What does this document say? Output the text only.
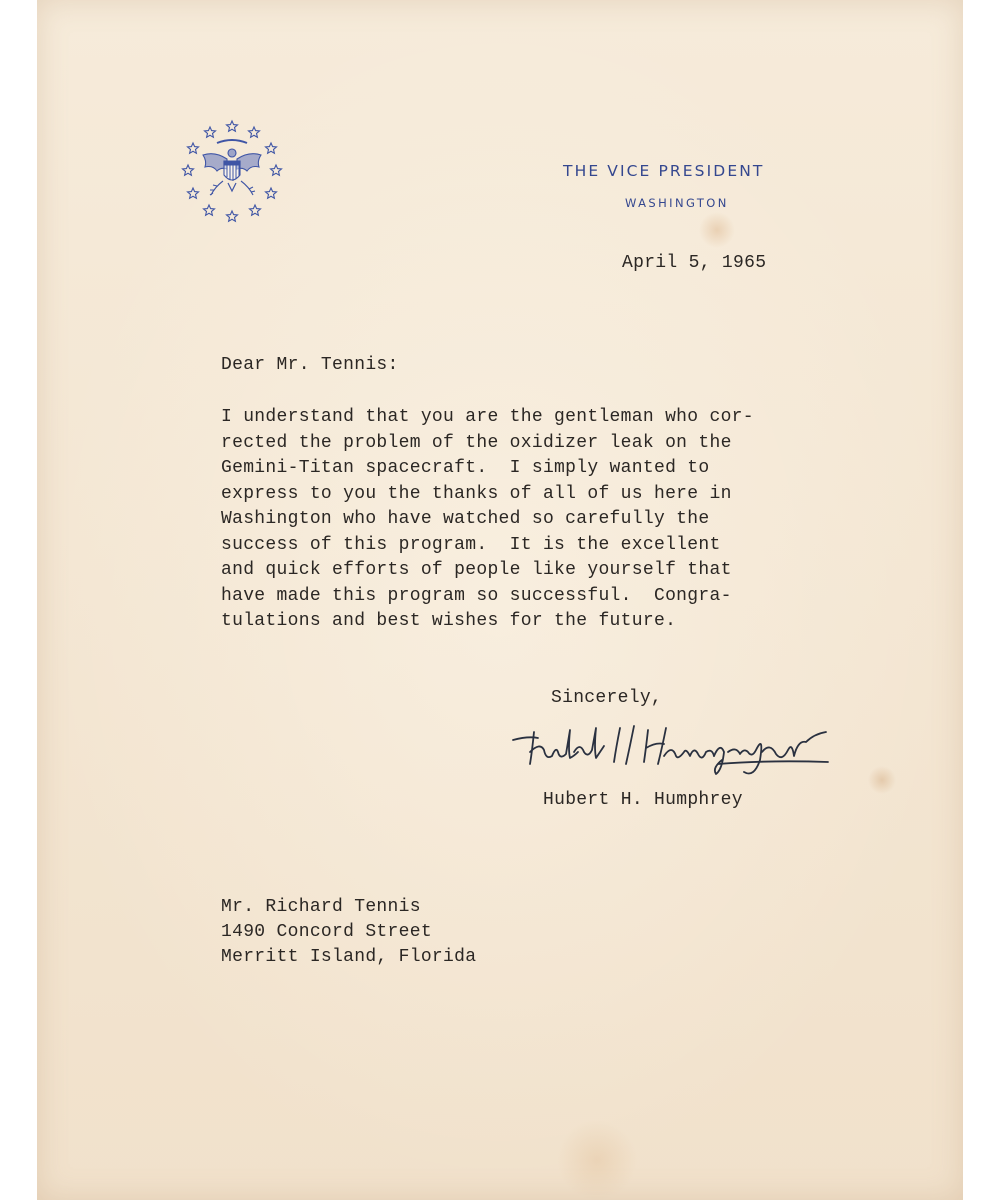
THE VICE PRESIDENT
WASHINGTON
April 5, 1965
Dear Mr. Tennis:
I understand that you are the gentleman who cor-
rected the problem of the oxidizer leak on the
Gemini-Titan spacecraft.  I simply wanted to
express to you the thanks of all of us here in
Washington who have watched so carefully the
success of this program.  It is the excellent
and quick efforts of people like yourself that
have made this program so successful.  Congra-
tulations and best wishes for the future.
Sincerely,
Hubert H. Humphrey
Mr. Richard Tennis
1490 Concord Street
Merritt Island, Florida
